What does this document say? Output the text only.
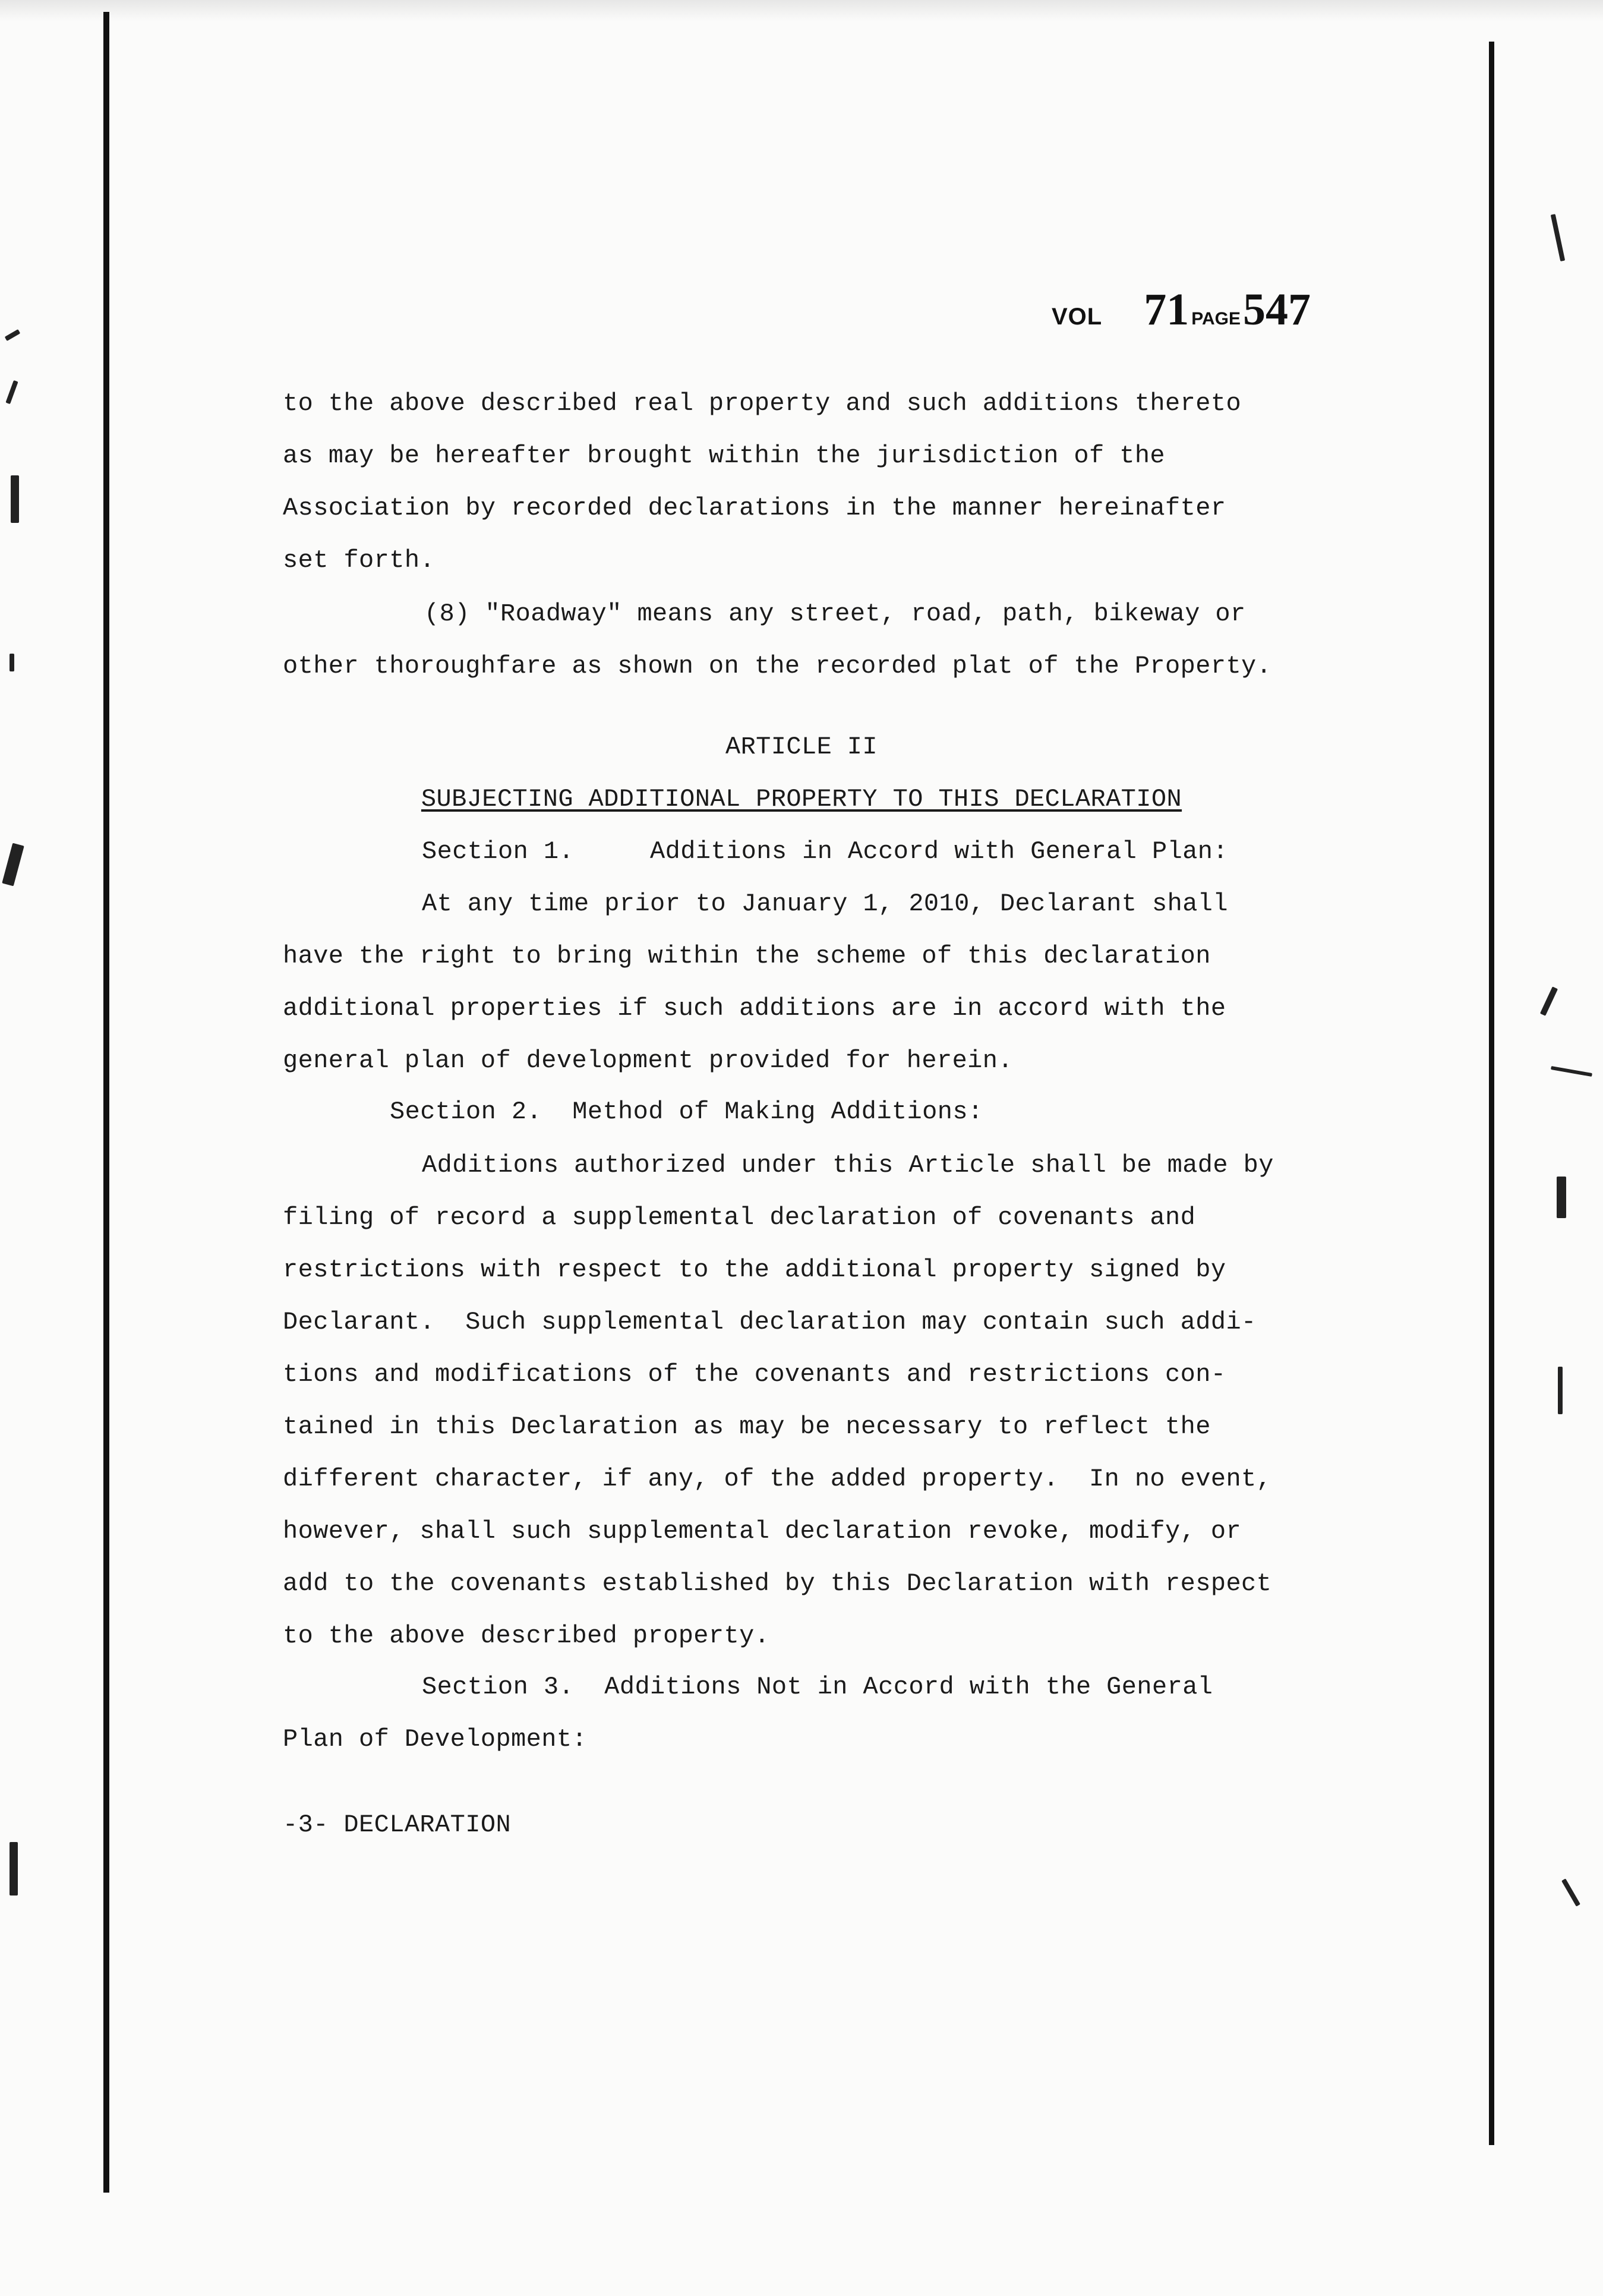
VOL 71 PAGE547
to the above described real property and such additions thereto
as may be hereafter brought within the jurisdiction of the
Association by recorded declarations in the manner hereinafter
set forth.
(8) "Roadway" means any street, road, path, bikeway or
other thoroughfare as shown on the recorded plat of the Property.
ARTICLE II
SUBJECTING ADDITIONAL PROPERTY TO THIS DECLARATION
Section 1.     Additions in Accord with General Plan:
At any time prior to January 1, 2010, Declarant shall
have the right to bring within the scheme of this declaration
additional properties if such additions are in accord with the
general plan of development provided for herein.
Section 2.  Method of Making Additions:
Additions authorized under this Article shall be made by
filing of record a supplemental declaration of covenants and
restrictions with respect to the additional property signed by
Declarant.  Such supplemental declaration may contain such addi-
tions and modifications of the covenants and restrictions con-
tained in this Declaration as may be necessary to reflect the
different character, if any, of the added property.  In no event,
however, shall such supplemental declaration revoke, modify, or
add to the covenants established by this Declaration with respect
to the above described property.
Section 3.  Additions Not in Accord with the General
Plan of Development:
-3- DECLARATION
